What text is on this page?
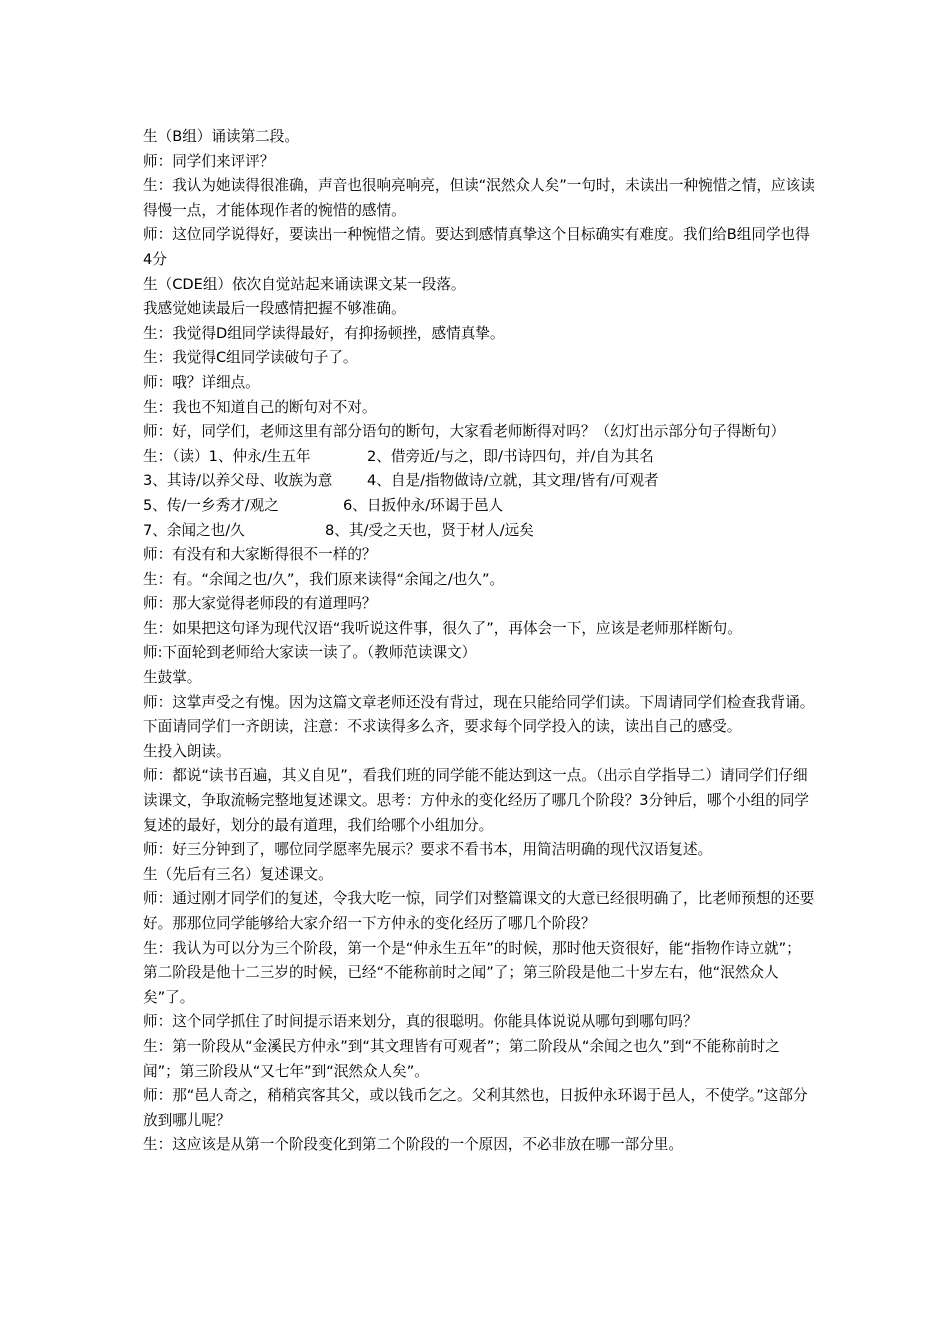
生（B组）诵读第二段。

师：同学们来评评？

生：我认为她读得很准确，声音也很响亮响亮，但读“泯然众人矣”一句时，未读出一种惋惜之情，应该读得慢一点，才能体现作者的惋惜的感情。

师：这位同学说得好，要读出一种惋惜之情。要达到感情真挚这个目标确实有难度。我们给B组同学也得4分

生（CDE组）依次自觉站起来诵读课文某一段落。

我感觉她读最后一段感情把握不够准确。

生：我觉得D组同学读得最好，有抑扬顿挫，感情真挚。

生：我觉得C组同学读破句子了。

师：哦？详细点。

生：我也不知道自己的断句对不对。

师：好，同学们，老师这里有部分语句的断句，大家看老师断得对吗？（幻灯出示部分句子得断句）

生：（读）1、仲永/生五年	2、借旁近/与之，即/书诗四句，并/自为其名

3、其诗/以养父母、收族为意 4、自是/指物做诗/立就，其文理/皆有/可观者

5、传/一乡秀才/观之	6、日扳仲永/环谒于邑人

7、余闻之也/久	8、其/受之天也，贤于材人/远矣

师：有没有和大家断得很不一样的？

生：有。“余闻之也/久”，我们原来读得“余闻之/也久”。

师：那大家觉得老师段的有道理吗？

生：如果把这句译为现代汉语“我听说这件事，很久了”，再体会一下，应该是老师那样断句。

师:下面轮到老师给大家读一读了。（教师范读课文）

生鼓掌。

师：这掌声受之有愧。因为这篇文章老师还没有背过，现在只能给同学们读。下周请同学们检查我背诵。下面请同学们一齐朗读，注意：不求读得多么齐，要求每个同学投入的读，读出自己的感受。

生投入朗读。

师：都说“读书百遍，其义自见”，看我们班的同学能不能达到这一点。（出示自学指导二）请同学们仔细读课文，争取流畅完整地复述课文。思考：方仲永的变化经历了哪几个阶段？3分钟后，哪个小组的同学复述的最好，划分的最有道理，我们给哪个小组加分。

师：好三分钟到了，哪位同学愿率先展示？要求不看书本，用简洁明确的现代汉语复述。

生（先后有三名）复述课文。

师：通过刚才同学们的复述，令我大吃一惊，同学们对整篇课文的大意已经很明确了，比老师预想的还要好。那那位同学能够给大家介绍一下方仲永的变化经历了哪几个阶段？

生：我认为可以分为三个阶段，第一个是“仲永生五年”的时候，那时他天资很好，能“指物作诗立就”；第二阶段是他十二三岁的时候，已经“不能称前时之闻”了；第三阶段是他二十岁左右，他“泯然众人矣”了。

师：这个同学抓住了时间提示语来划分，真的很聪明。你能具体说说从哪句到哪句吗？

生：第一阶段从“金溪民方仲永”到“其文理皆有可观者”；第二阶段从“余闻之也久”到“不能称前时之闻”；第三阶段从“又七年”到“泯然众人矣”。

师：那“邑人奇之，稍稍宾客其父，或以钱币乞之。父利其然也，日扳仲永环谒于邑人，不使学。”这部分放到哪儿呢？

生：这应该是从第一个阶段变化到第二个阶段的一个原因，不必非放在哪一部分里。
